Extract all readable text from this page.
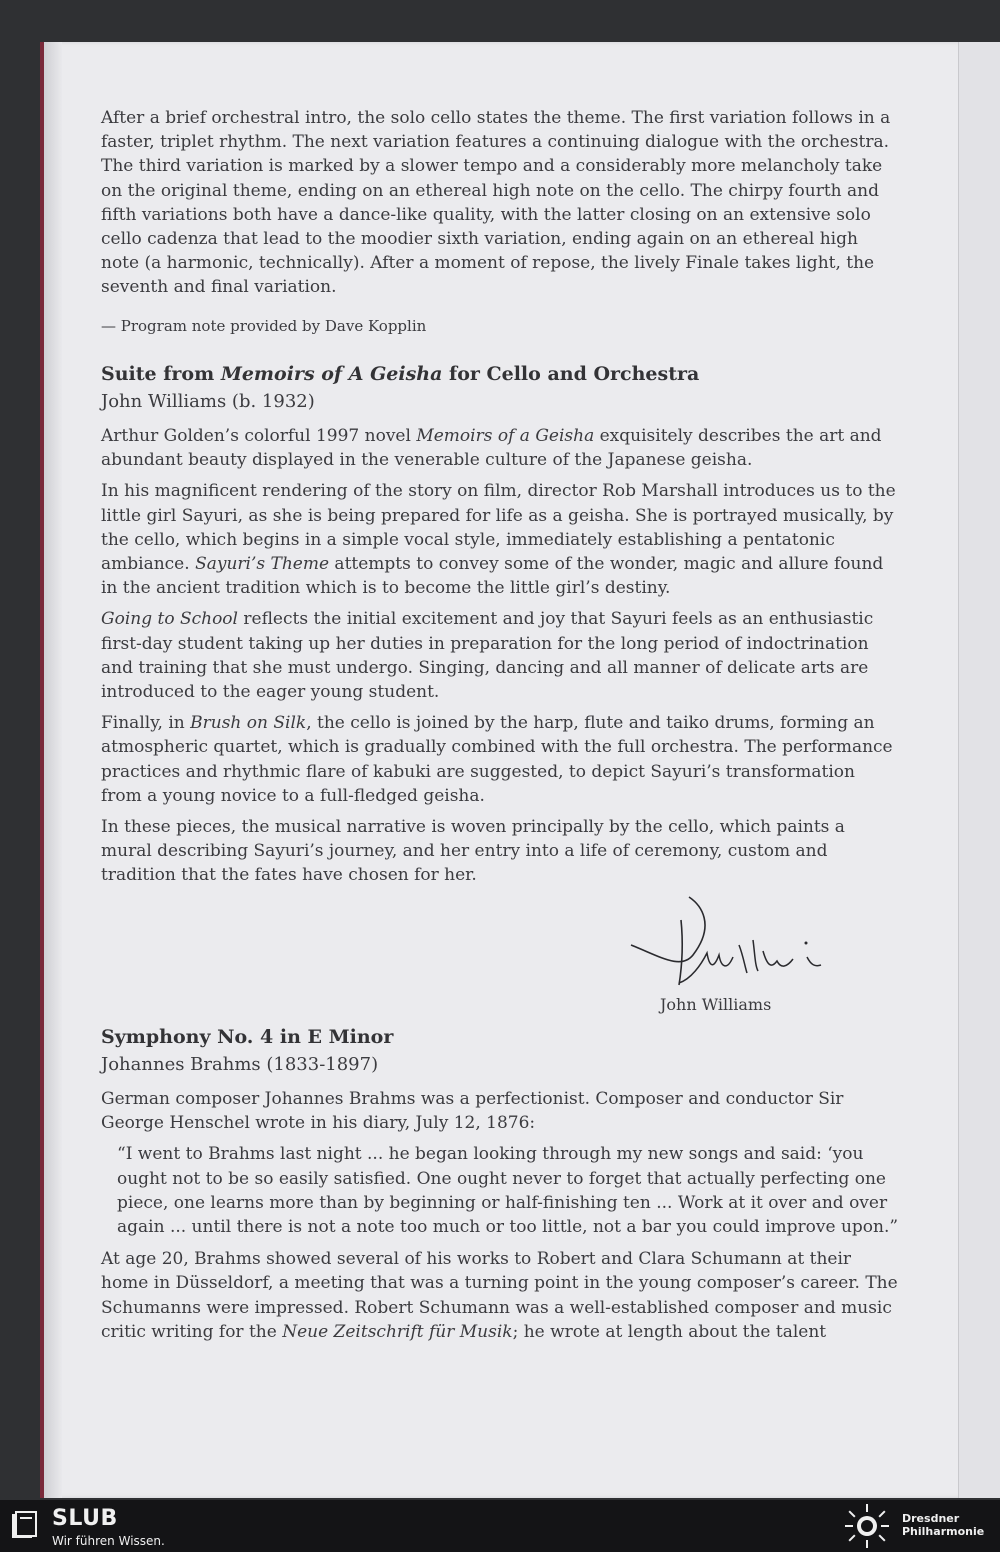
After a brief orchestral intro, the solo cello states the theme. The first variation follows in a faster, triplet rhythm. The next variation features a continuing dialogue with the orchestra. The third variation is marked by a slower tempo and a considerably more melancholy take on the original theme, ending on an ethereal high note on the cello. The chirpy fourth and fifth variations both have a dance-like quality, with the latter closing on an extensive solo cello cadenza that lead to the moodier sixth variation, ending again on an ethereal high note (a harmonic, technically). After a moment of repose, the lively Finale takes light, the seventh and final variation.

— Program note provided by Dave Kopplin

Suite from Memoirs of A Geisha for Cello and Orchestra
John Williams (b. 1932)

Arthur Golden’s colorful 1997 novel Memoirs of a Geisha exquisitely describes the art and abundant beauty displayed in the venerable culture of the Japanese geisha.

In his magnificent rendering of the story on film, director Rob Marshall introduces us to the little girl Sayuri, as she is being prepared for life as a geisha. She is portrayed musically, by the cello, which begins in a simple vocal style, immediately establishing a pentatonic ambiance. Sayuri’s Theme attempts to convey some of the wonder, magic and allure found in the ancient tradition which is to become the little girl’s destiny.

Going to School reflects the initial excitement and joy that Sayuri feels as an enthusiastic first-day student taking up her duties in preparation for the long period of indoctrination and training that she must undergo. Singing, dancing and all manner of delicate arts are introduced to the eager young student.

Finally, in Brush on Silk, the cello is joined by the harp, flute and taiko drums, forming an atmospheric quartet, which is gradually combined with the full orchestra. The performance practices and rhythmic flare of kabuki are suggested, to depict Sayuri’s transformation from a young novice to a full-fledged geisha.

In these pieces, the musical narrative is woven principally by the cello, which paints a mural describing Sayuri’s journey, and her entry into a life of ceremony, custom and tradition that the fates have chosen for her.

John Williams
Symphony No. 4 in E Minor
Johannes Brahms (1833-1897)

German composer Johannes Brahms was a perfectionist. Composer and conductor Sir George Henschel wrote in his diary, July 12, 1876:

“I went to Brahms last night ... he began looking through my new songs and said: ‘you ought not to be so easily satisfied. One ought never to forget that actually perfecting one piece, one learns more than by beginning or half-finishing ten ... Work at it over and over again ... until there is not a note too much or too little, not a bar you could improve upon.”

At age 20, Brahms showed several of his works to Robert and Clara Schumann at their home in Düsseldorf, a meeting that was a turning point in the young composer’s career. The Schumanns were impressed. Robert Schumann was a well-established composer and music critic writing for the Neue Zeitschrift für Musik; he wrote at length about the talent

SLUB
Wir führen Wissen.
Dresdner
Philharmonie
